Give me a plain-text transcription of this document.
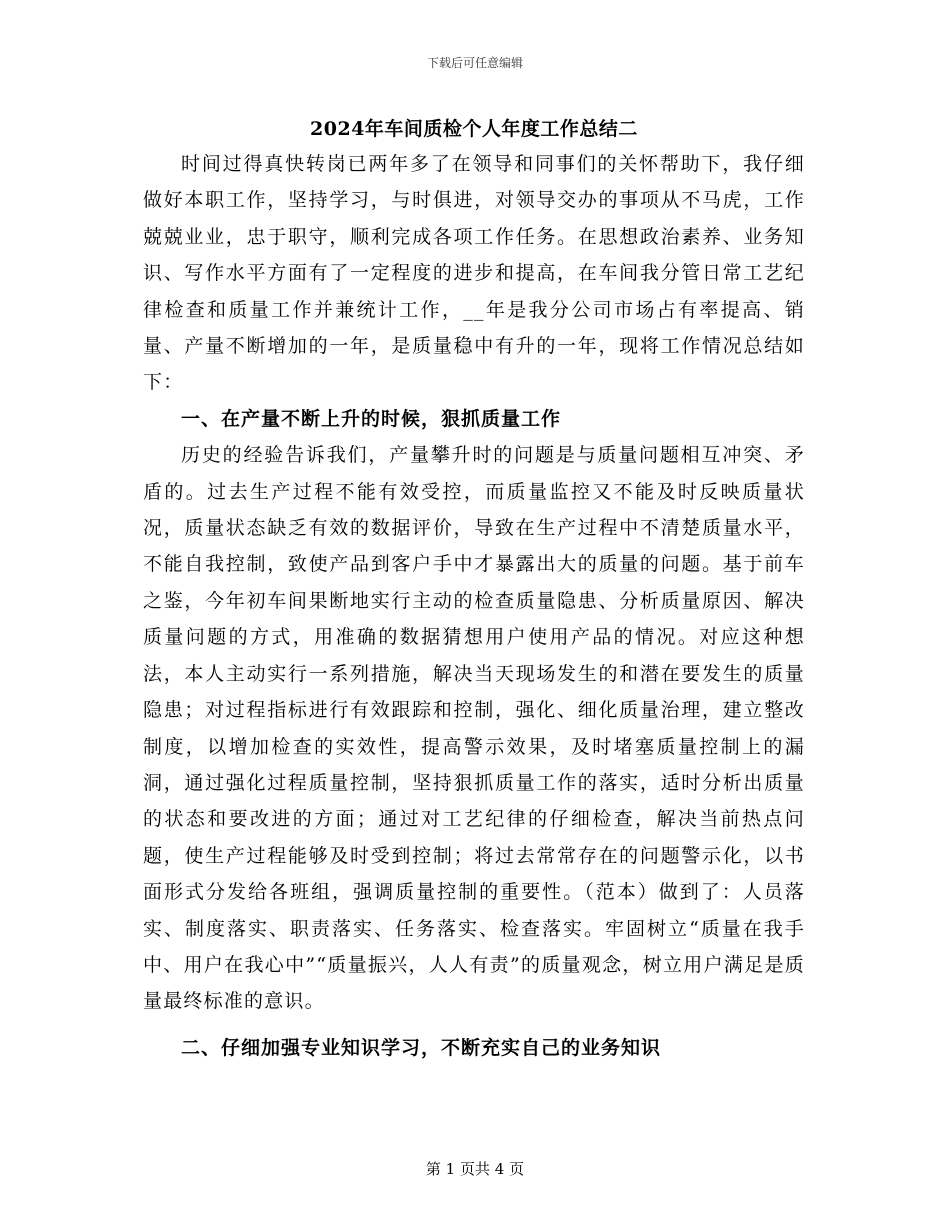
下载后可任意编辑
2024年车间质检个人年度工作总结二

时间过得真快转岗已两年多了在领导和同事们的关怀帮助下，我仔细做好本职工作，坚持学习，与时俱进，对领导交办的事项从不马虎，工作兢兢业业，忠于职守，顺利完成各项工作任务。在思想政治素养、业务知识、写作水平方面有了一定程度的进步和提高，在车间我分管日常工艺纪律检查和质量工作并兼统计工作，__年是我分公司市场占有率提高、销量、产量不断增加的一年，是质量稳中有升的一年，现将工作情况总结如下：

一、在产量不断上升的时候，狠抓质量工作

历史的经验告诉我们，产量攀升时的问题是与质量问题相互冲突、矛盾的。过去生产过程不能有效受控，而质量监控又不能及时反映质量状况，质量状态缺乏有效的数据评价，导致在生产过程中不清楚质量水平，不能自我控制，致使产品到客户手中才暴露出大的质量的问题。基于前车之鉴，今年初车间果断地实行主动的检查质量隐患、分析质量原因、解决质量问题的方式，用准确的数据猜想用户使用产品的情况。对应这种想法，本人主动实行一系列措施，解决当天现场发生的和潜在要发生的质量隐患；对过程指标进行有效跟踪和控制，强化、细化质量治理，建立整改制度，以增加检查的实效性，提高警示效果，及时堵塞质量控制上的漏洞，通过强化过程质量控制，坚持狠抓质量工作的落实，适时分析出质量的状态和要改进的方面；通过对工艺纪律的仔细检查，解决当前热点问题，使生产过程能够及时受到控制；将过去常常存在的问题警示化，以书面形式分发给各班组，强调质量控制的重要性。（范本）做到了：人员落实、制度落实、职责落实、任务落实、检查落实。牢固树立“质量在我手中、用户在我心中”“质量振兴，人人有责”的质量观念，树立用户满足是质量最终标准的意识。

二、仔细加强专业知识学习，不断充实自己的业务知识
第 1 页共 4 页
